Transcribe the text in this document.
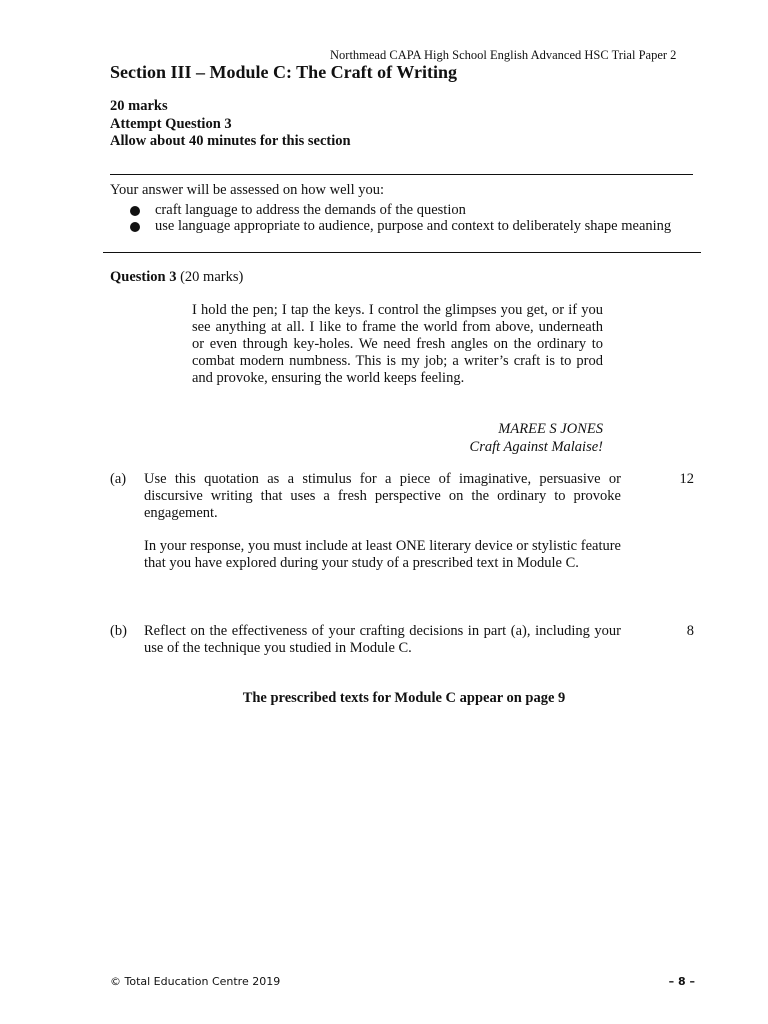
Northmead CAPA High School English Advanced HSC Trial Paper 2
Section III – Module C: The Craft of Writing
20 marks
Attempt Question 3
Allow about 40 minutes for this section
Your answer will be assessed on how well you:
craft language to address the demands of the question
use language appropriate to audience, purpose and context to deliberately shape meaning
Question 3 (20 marks)
I hold the pen; I tap the keys. I control the glimpses you get, or if you see anything at all. I like to frame the world from above, underneath or even through key-holes. We need fresh angles on the ordinary to combat modern numbness. This is my job; a writer’s craft is to prod and provoke, ensuring the world keeps feeling.
MAREE S JONES
Craft Against Malaise!
(a) Use this quotation as a stimulus for a piece of imaginative, persuasive or discursive writing that uses a fresh perspective on the ordinary to provoke engagement.
In your response, you must include at least ONE literary device or stylistic feature that you have explored during your study of a prescribed text in Module C.
12
(b) Reflect on the effectiveness of your crafting decisions in part (a), including your use of the technique you studied in Module C.
8
The prescribed texts for Module C appear on page 9
© Total Education Centre 2019	– 8 –
